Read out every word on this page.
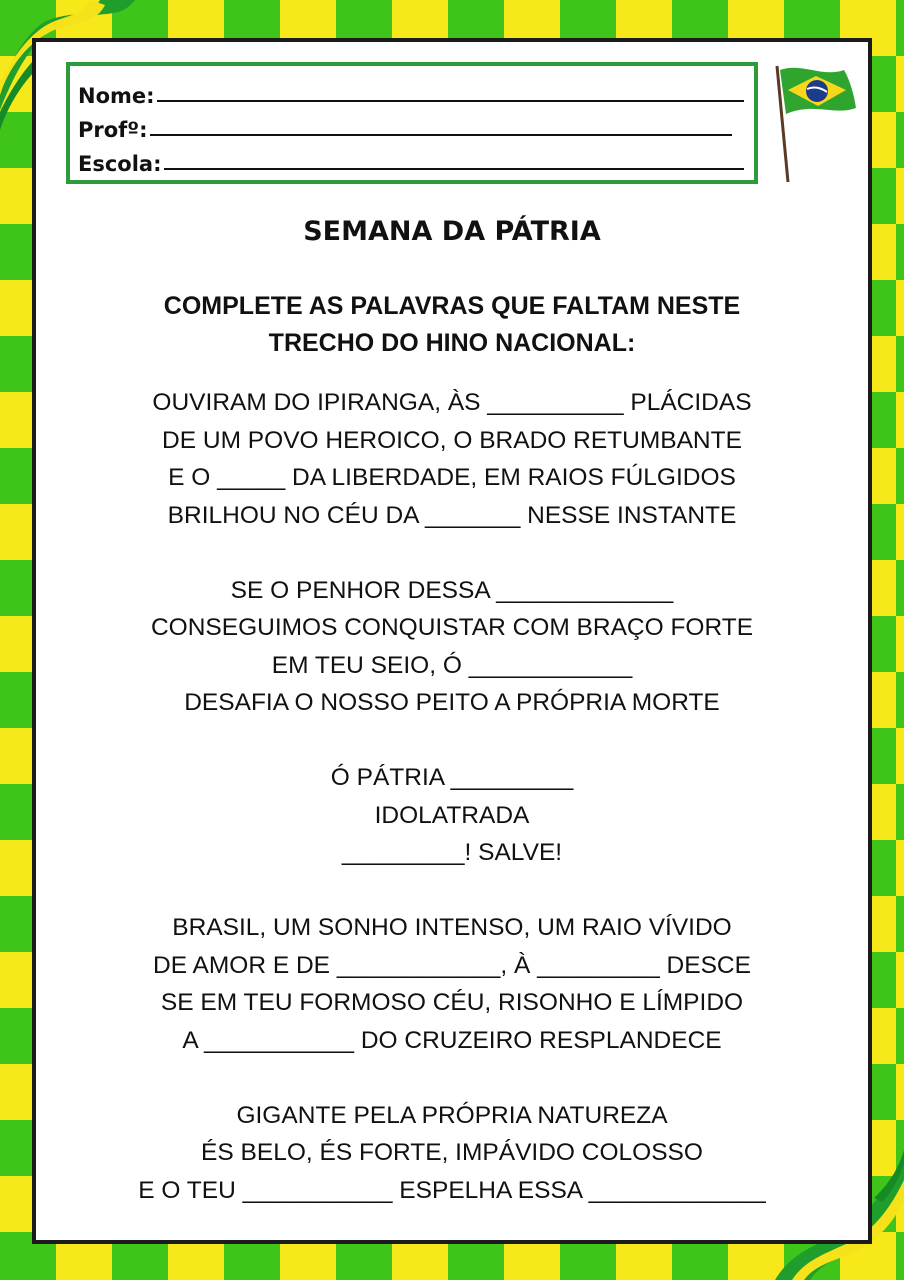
Nome:
Profº:
Escola:
SEMANA DA PÁTRIA
COMPLETE AS PALAVRAS QUE FALTAM NESTE
TRECHO DO HINO NACIONAL:
OUVIRAM DO IPIRANGA, ÀS __________ PLÁCIDAS
DE UM POVO HEROICO, O BRADO RETUMBANTE
E O _____ DA LIBERDADE, EM RAIOS FÚLGIDOS
BRILHOU NO CÉU DA _______ NESSE INSTANTE
SE O PENHOR DESSA _____________
CONSEGUIMOS CONQUISTAR COM BRAÇO FORTE
EM TEU SEIO, Ó ____________
DESAFIA O NOSSO PEITO A PRÓPRIA MORTE
Ó PÁTRIA _________
IDOLATRADA
_________! SALVE!
BRASIL, UM SONHO INTENSO, UM RAIO VÍVIDO
DE AMOR E DE ____________, À _________ DESCE
SE EM TEU FORMOSO CÉU, RISONHO E LÍMPIDO
A ___________ DO CRUZEIRO RESPLANDECE
GIGANTE PELA PRÓPRIA NATUREZA
ÉS BELO, ÉS FORTE, IMPÁVIDO COLOSSO
E O TEU ___________ ESPELHA ESSA _____________
